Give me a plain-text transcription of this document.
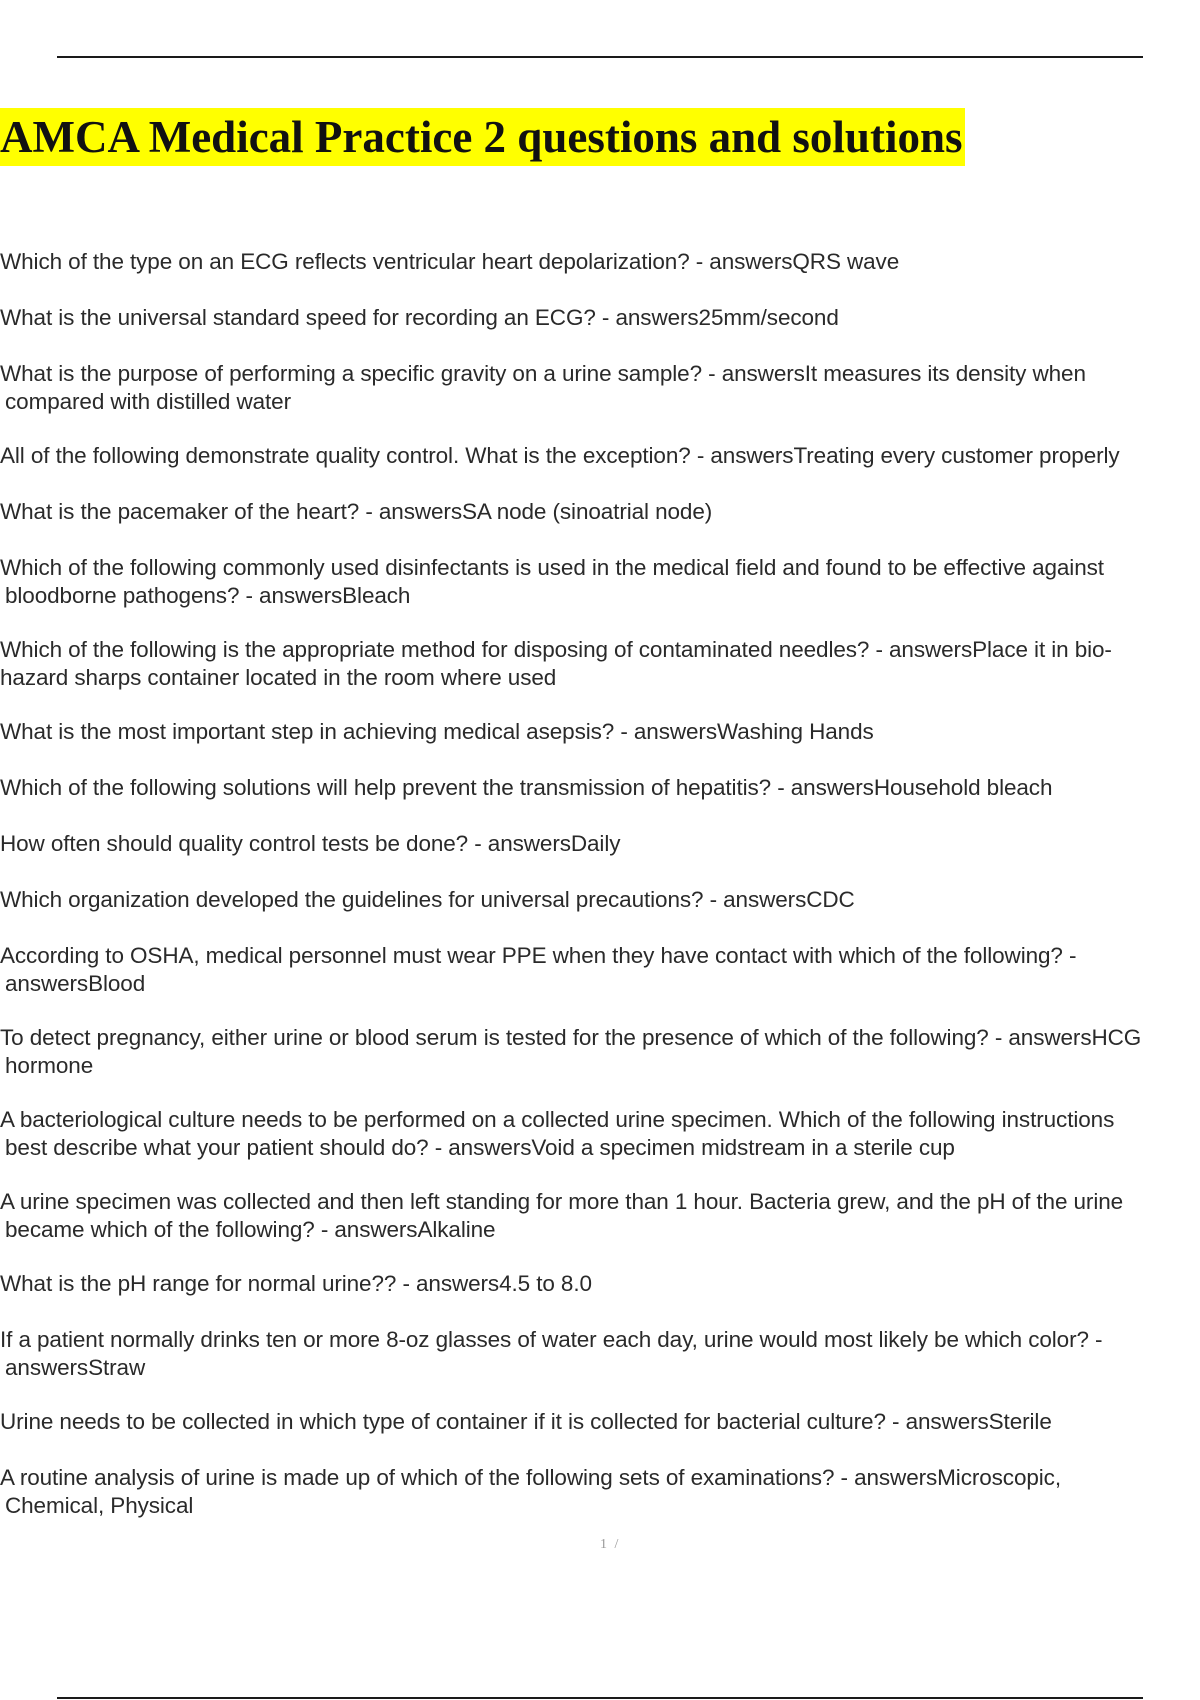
AMCA Medical Practice 2 questions and solutions
Which of the type on an ECG reflects ventricular heart depolarization? - answersQRS wave
What is the universal standard speed for recording an ECG? - answers25mm/second
What is the purpose of performing a specific gravity on a urine sample? - answersIt measures its density when
compared with distilled water
All of the following demonstrate quality control. What is the exception? - answersTreating every customer properly
What is the pacemaker of the heart? - answersSA node (sinoatrial node)
Which of the following commonly used disinfectants is used in the medical field and found to be effective against
bloodborne pathogens? - answersBleach
Which of the following is the appropriate method for disposing of contaminated needles? - answersPlace it in bio-
hazard sharps container located in the room where used
What is the most important step in achieving medical asepsis? - answersWashing Hands
Which of the following solutions will help prevent the transmission of hepatitis? - answersHousehold bleach
How often should quality control tests be done? - answersDaily
Which organization developed the guidelines for universal precautions? - answersCDC
According to OSHA, medical personnel must wear PPE when they have contact with which of the following? -
answersBlood
To detect pregnancy, either urine or blood serum is tested for the presence of which of the following? - answersHCG
hormone
A bacteriological culture needs to be performed on a collected urine specimen. Which of the following instructions
best describe what your patient should do? - answersVoid a specimen midstream in a sterile cup
A urine specimen was collected and then left standing for more than 1 hour. Bacteria grew, and the pH of the urine
became which of the following? - answersAlkaline
What is the pH range for normal urine?? - answers4.5 to 8.0
If a patient normally drinks ten or more 8-oz glasses of water each day, urine would most likely be which color? -
answersStraw
Urine needs to be collected in which type of container if it is collected for bacterial culture? - answersSterile
A routine analysis of urine is made up of which of the following sets of examinations? - answersMicroscopic,
Chemical, Physical
1 /
